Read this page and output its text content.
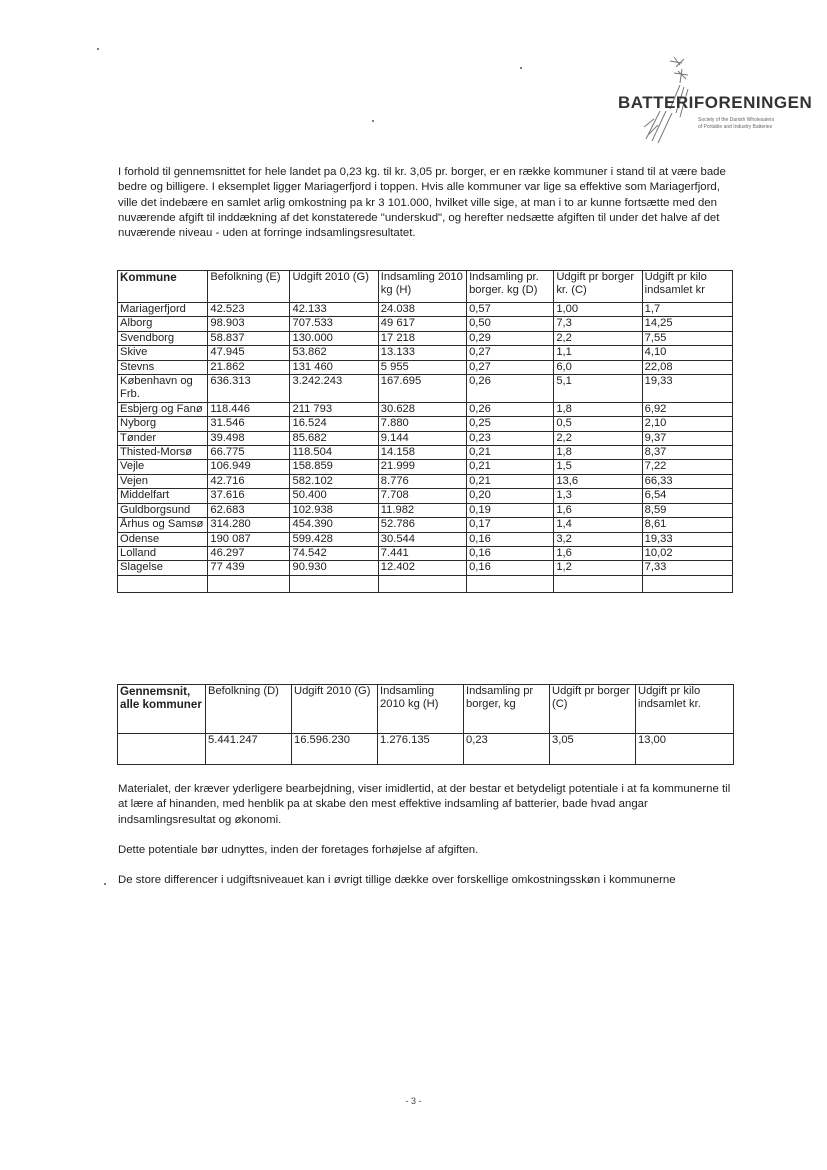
BATTERIFORENINGEN
Society of the Danish Wholesalers
of Portable and Industry Batteries
I forhold til gennemsnittet for hele landet pa 0,23 kg. til kr. 3,05 pr. borger, er en række kommuner i stand til at være bade bedre og billigere. I eksemplet ligger Mariagerfjord i toppen. Hvis alle kommuner var lige sa effektive som Mariagerfjord, ville det indebære en samlet arlig omkostning pa kr 3 101.000, hvilket ville sige, at man i to ar kunne fortsætte med den nuværende afgift til inddækning af det konstaterede "underskud", og herefter nedsætte afgiften til under det halve af det nuværende niveau - uden at forringe indsamlingsresultatet.
Kommune	Befolkning (E)	Udgift 2010 (G)	Indsamling 2010 kg (H)	Indsamling pr. borger. kg (D)	Udgift pr borger kr. (C)	Udgift pr kilo indsamlet kr
Mariagerfjord	42.523	42.133	24.038	0,57	1,00	1,7
Alborg	98.903	707.533	49 617	0,50	7,3	14,25
Svendborg	58.837	130.000	17 218	0,29	2,2	7,55
Skive	47.945	53.862	13.133	0,27	1,1	4,10
Stevns	21.862	131 460	5 955	0,27	6,0	22,08
København og Frb.	636.313	3.242.243	167.695	0,26	5,1	19,33
Esbjerg og Fanø	118.446	211 793	30.628	0,26	1,8	6,92
Nyborg	31.546	16.524	7.880	0,25	0,5	2,10
Tønder	39.498	85.682	9.144	0,23	2,2	9,37
Thisted-Morsø	66.775	118.504	14.158	0,21	1,8	8,37
Vejle	106.949	158.859	21.999	0,21	1,5	7,22
Vejen	42.716	582.102	8.776	0,21	13,6	66,33
Middelfart	37.616	50.400	7.708	0,20	1,3	6,54
Guldborgsund	62.683	102.938	11.982	0,19	1,6	8,59
Århus og Samsø	314.280	454.390	52.786	0,17	1,4	8,61
Odense	190 087	599.428	30.544	0,16	3,2	19,33
Lolland	46.297	74.542	7.441	0,16	1,6	10,02
Slagelse	77 439	90.930	12.402	0,16	1,2	7,33

Gennemsnit, alle kommuner	Befolkning (D)	Udgift 2010 (G)	Indsamling 2010 kg (H)	Indsamling pr borger, kg	Udgift pr borger (C)	Udgift pr kilo indsamlet kr.
	5.441.247	16.596.230	1.276.135	0,23	3,05	13,00
Materialet, der kræver yderligere bearbejdning, viser imidlertid, at der bestar et betydeligt potentiale i at fa kommunerne til at lære af hinanden, med henblik pa at skabe den mest effektive indsamling af batterier, bade hvad angar indsamlingsresultat og økonomi.
Dette potentiale bør udnyttes, inden der foretages forhøjelse af afgiften.
De store differencer i udgiftsniveauet kan i øvrigt tillige dække over forskellige omkostningsskøn i kommunerne
- 3 -
